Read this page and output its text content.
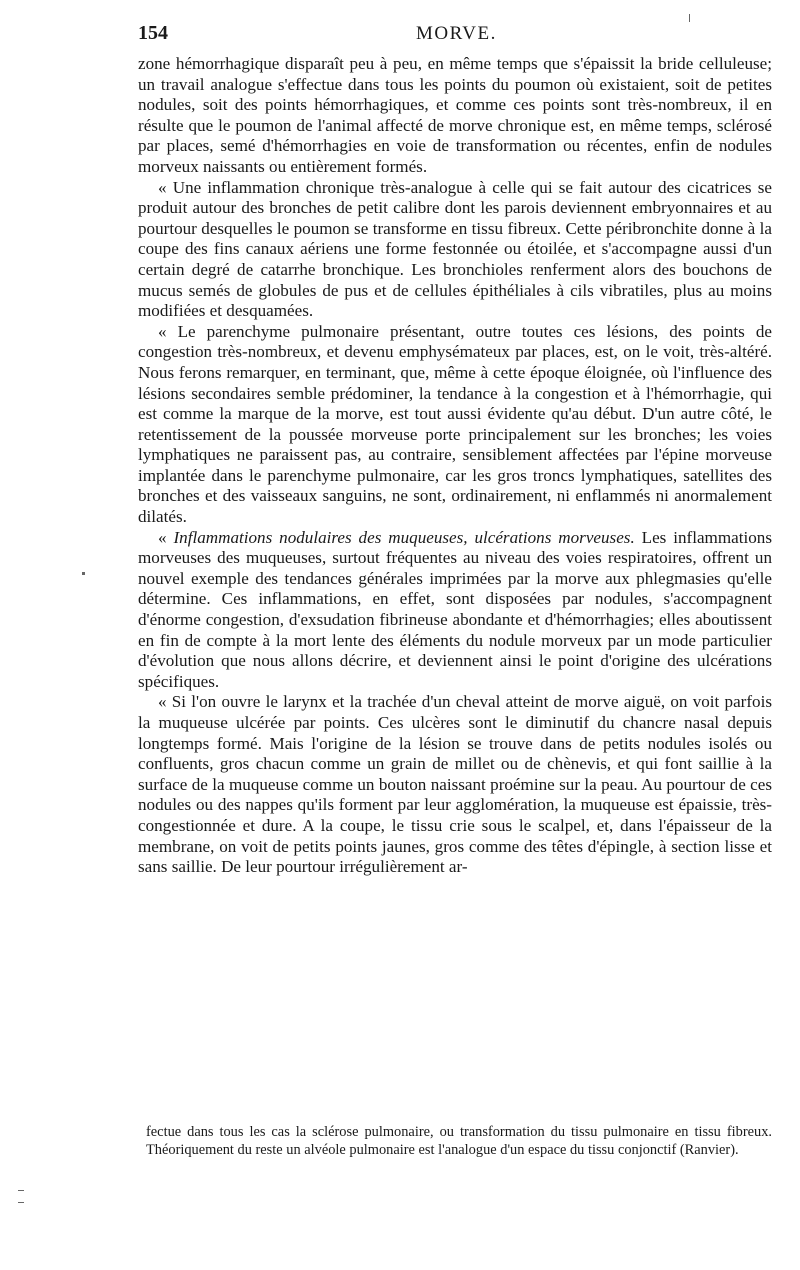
154	MORVE.

zone hémorrhagique disparaît peu à peu, en même temps que s'épaissit la bride celluleuse; un travail analogue s'effectue dans tous les points du poumon où existaient, soit de petites nodules, soit des points hémorrhagiques, et comme ces points sont très-nombreux, il en résulte que le poumon de l'animal affecté de morve chronique est, en même temps, sclérosé par places, semé d'hémorrhagies en voie de transformation ou récentes, enfin de nodules morveux naissants ou entièrement formés.

« Une inflammation chronique très-analogue à celle qui se fait autour des cicatrices se produit autour des bronches de petit calibre dont les parois deviennent embryonnaires et au pourtour desquelles le poumon se transforme en tissu fibreux. Cette péribronchite donne à la coupe des fins canaux aériens une forme festonnée ou étoilée, et s'accompagne aussi d'un certain degré de catarrhe bronchique. Les bronchioles renferment alors des bouchons de mucus semés de globules de pus et de cellules épithéliales à cils vibratiles, plus au moins modifiées et desquamées.

« Le parenchyme pulmonaire présentant, outre toutes ces lésions, des points de congestion très-nombreux, et devenu emphysémateux par places, est, on le voit, très-altéré. Nous ferons remarquer, en terminant, que, même à cette époque éloignée, où l'influence des lésions secondaires semble prédominer, la tendance à la congestion et à l'hémorrhagie, qui est comme la marque de la morve, est tout aussi évidente qu'au début. D'un autre côté, le retentissement de la poussée morveuse porte principalement sur les bronches; les voies lymphatiques ne paraissent pas, au contraire, sensiblement affectées par l'épine morveuse implantée dans le parenchyme pulmonaire, car les gros troncs lymphatiques, satellites des bronches et des vaisseaux sanguins, ne sont, ordinairement, ni enflammés ni anormalement dilatés.

« Inflammations nodulaires des muqueuses, ulcérations morveuses. Les inflammations morveuses des muqueuses, surtout fréquentes au niveau des voies respiratoires, offrent un nouvel exemple des tendances générales imprimées par la morve aux phlegmasies qu'elle détermine. Ces inflammations, en effet, sont disposées par nodules, s'accompagnent d'énorme congestion, d'exsudation fibrineuse abondante et d'hémorrhagies; elles aboutissent en fin de compte à la mort lente des éléments du nodule morveux par un mode particulier d'évolution que nous allons décrire, et deviennent ainsi le point d'origine des ulcérations spécifiques.

« Si l'on ouvre le larynx et la trachée d'un cheval atteint de morve aiguë, on voit parfois la muqueuse ulcérée par points. Ces ulcères sont le diminutif du chancre nasal depuis longtemps formé. Mais l'origine de la lésion se trouve dans de petits nodules isolés ou confluents, gros chacun comme un grain de millet ou de chènevis, et qui font saillie à la surface de la muqueuse comme un bouton naissant proémine sur la peau. Au pourtour de ces nodules ou des nappes qu'ils forment par leur agglomération, la muqueuse est épaissie, très-congestionnée et dure. A la coupe, le tissu crie sous le scalpel, et, dans l'épaisseur de la membrane, on voit de petits points jaunes, gros comme des têtes d'épingle, à section lisse et sans saillie. De leur pourtour irrégulièrement ar-

fectue dans tous les cas la sclérose pulmonaire, ou transformation du tissu pulmonaire en tissu fibreux. Théoriquement du reste un alvéole pulmonaire est l'analogue d'un espace du tissu conjonctif (Ranvier).
